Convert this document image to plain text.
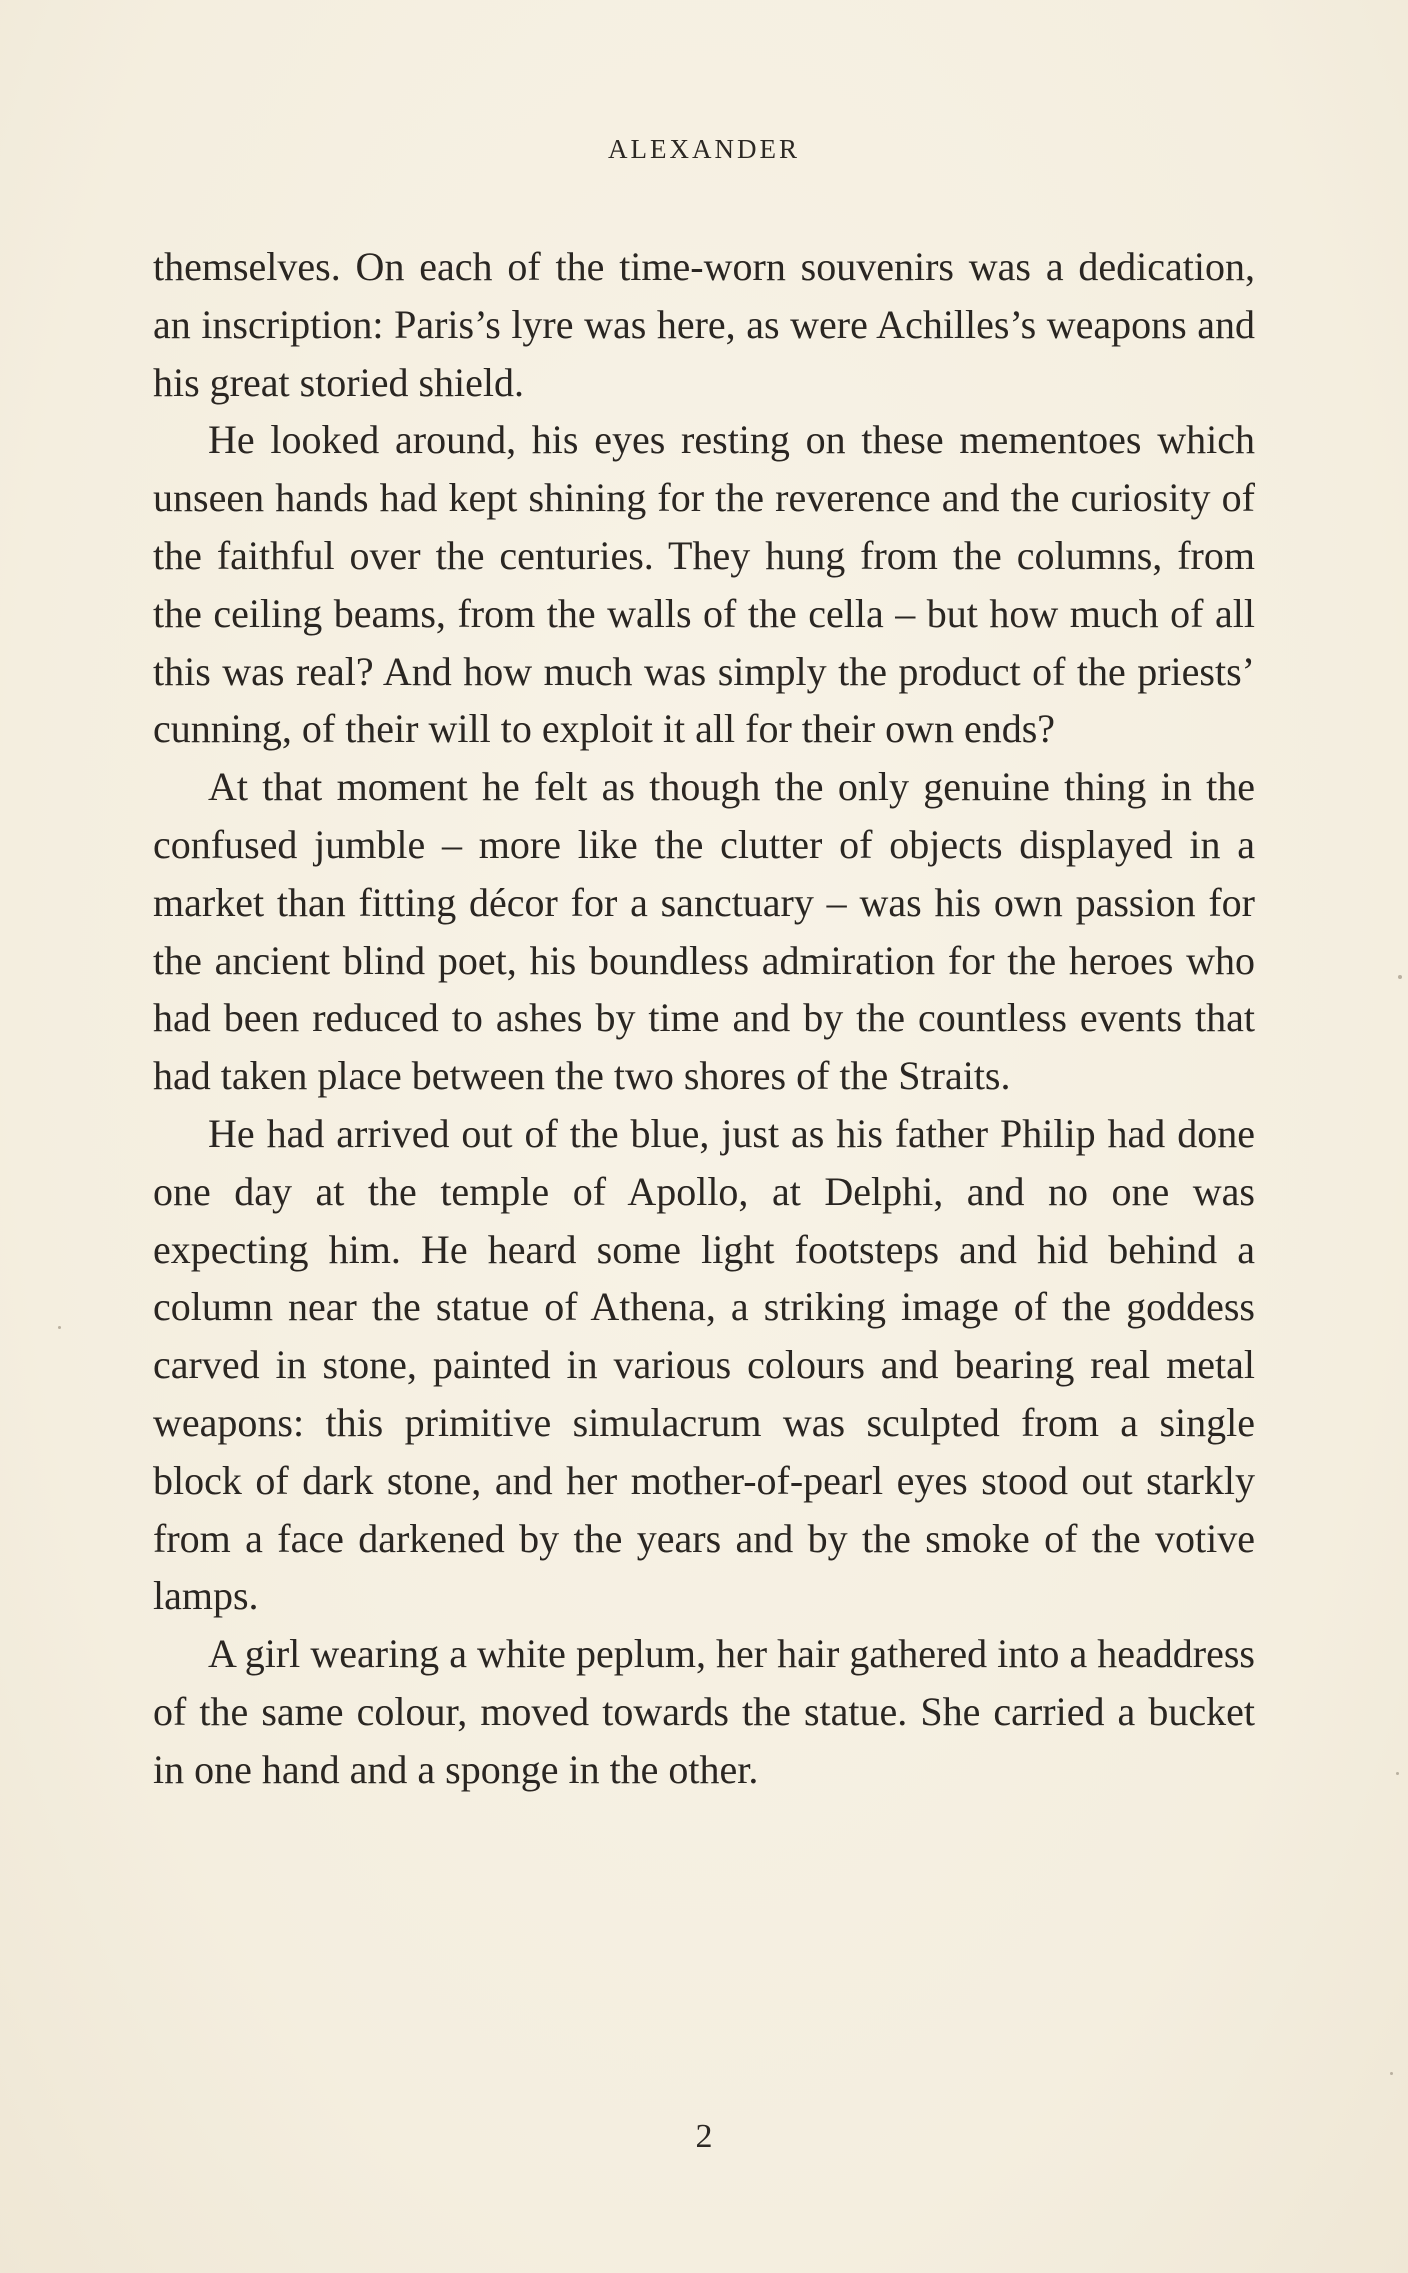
ALEXANDER

themselves. On each of the time-worn souvenirs was a dedication, an inscription: Paris’s lyre was here, as were Achilles’s weapons and his great storied shield.

He looked around, his eyes resting on these mementoes which unseen hands had kept shining for the reverence and the curiosity of the faithful over the centuries. They hung from the columns, from the ceiling beams, from the walls of the cella – but how much of all this was real? And how much was simply the product of the priests’ cunning, of their will to exploit it all for their own ends?

At that moment he felt as though the only genuine thing in the confused jumble – more like the clutter of objects displayed in a market than fitting décor for a sanctuary – was his own passion for the ancient blind poet, his boundless admiration for the heroes who had been reduced to ashes by time and by the countless events that had taken place between the two shores of the Straits.

He had arrived out of the blue, just as his father Philip had done one day at the temple of Apollo, at Delphi, and no one was expecting him. He heard some light footsteps and hid behind a column near the statue of Athena, a striking image of the goddess carved in stone, painted in various colours and bearing real metal weapons: this primitive simulacrum was sculpted from a single block of dark stone, and her mother-of-pearl eyes stood out starkly from a face darkened by the years and by the smoke of the votive lamps.

A girl wearing a white peplum, her hair gathered into a headdress of the same colour, moved towards the statue. She carried a bucket in one hand and a sponge in the other.

2
